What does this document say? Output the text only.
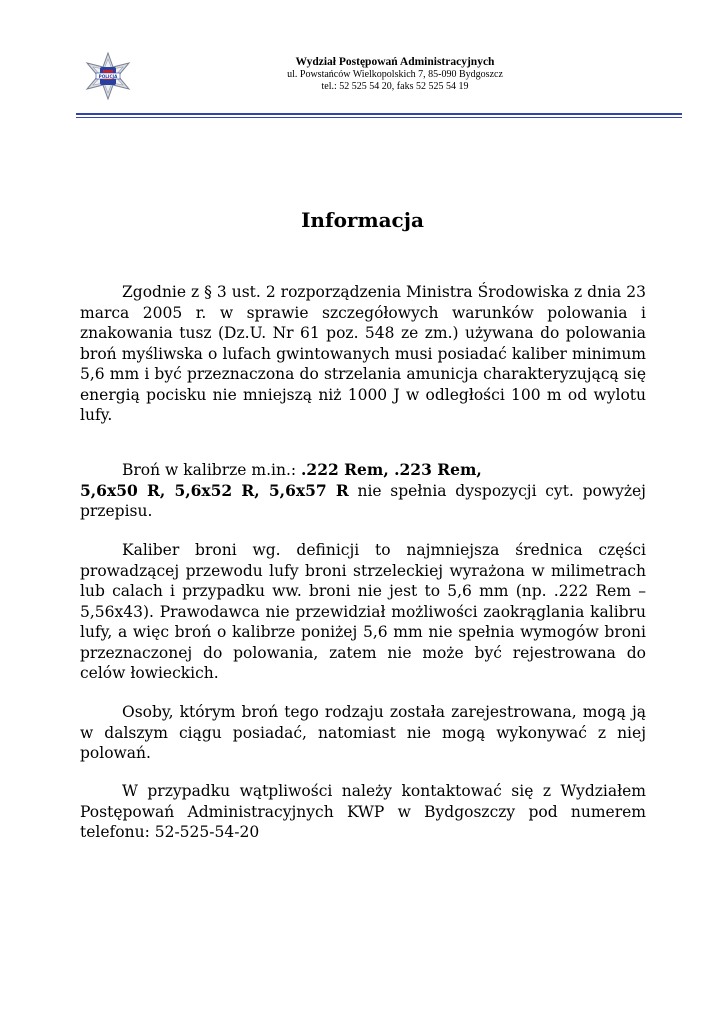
POLICJA
Wydział Postępowań Administracyjnych
ul. Powstańców Wielkopolskich 7, 85-090 Bydgoszcz
tel.: 52 525 54 20, faks 52 525 54 19
Informacja

Zgodnie z § 3 ust. 2 rozporządzenia Ministra Środowiska z dnia 23 marca 2005 r. w sprawie szczegółowych warunków polowania i znakowania tusz (Dz.U. Nr 61 poz. 548 ze zm.) używana do polowania broń myśliwska o lufach gwintowanych musi posiadać kaliber minimum 5,6 mm i być przeznaczona do strzelania amunicja charakteryzującą się energią pocisku nie mniejszą niż 1000 J w odległości 100 m od wylotu lufy.

Broń w kalibrze m.in.: .222 Rem, .223 Rem,
5,6x50 R, 5,6x52 R, 5,6x57 R nie spełnia dyspozycji cyt. powyżej przepisu.

Kaliber broni wg. definicji to najmniejsza średnica części prowadzącej przewodu lufy broni strzeleckiej wyrażona w milimetrach lub calach i przypadku ww. broni nie jest to 5,6 mm (np. .222 Rem – 5,56x43). Prawodawca nie przewidział możliwości zaokrąglania kalibru lufy, a więc broń o kalibrze poniżej 5,6 mm nie spełnia wymogów broni przeznaczonej do polowania, zatem nie może być rejestrowana do celów łowieckich.

Osoby, którym broń tego rodzaju została zarejestrowana, mogą ją w dalszym ciągu posiadać, natomiast nie mogą wykonywać z niej polowań.

W przypadku wątpliwości należy kontaktować się z Wydziałem Postępowań Administracyjnych KWP w Bydgoszczy pod numerem telefonu: 52-525-54-20
